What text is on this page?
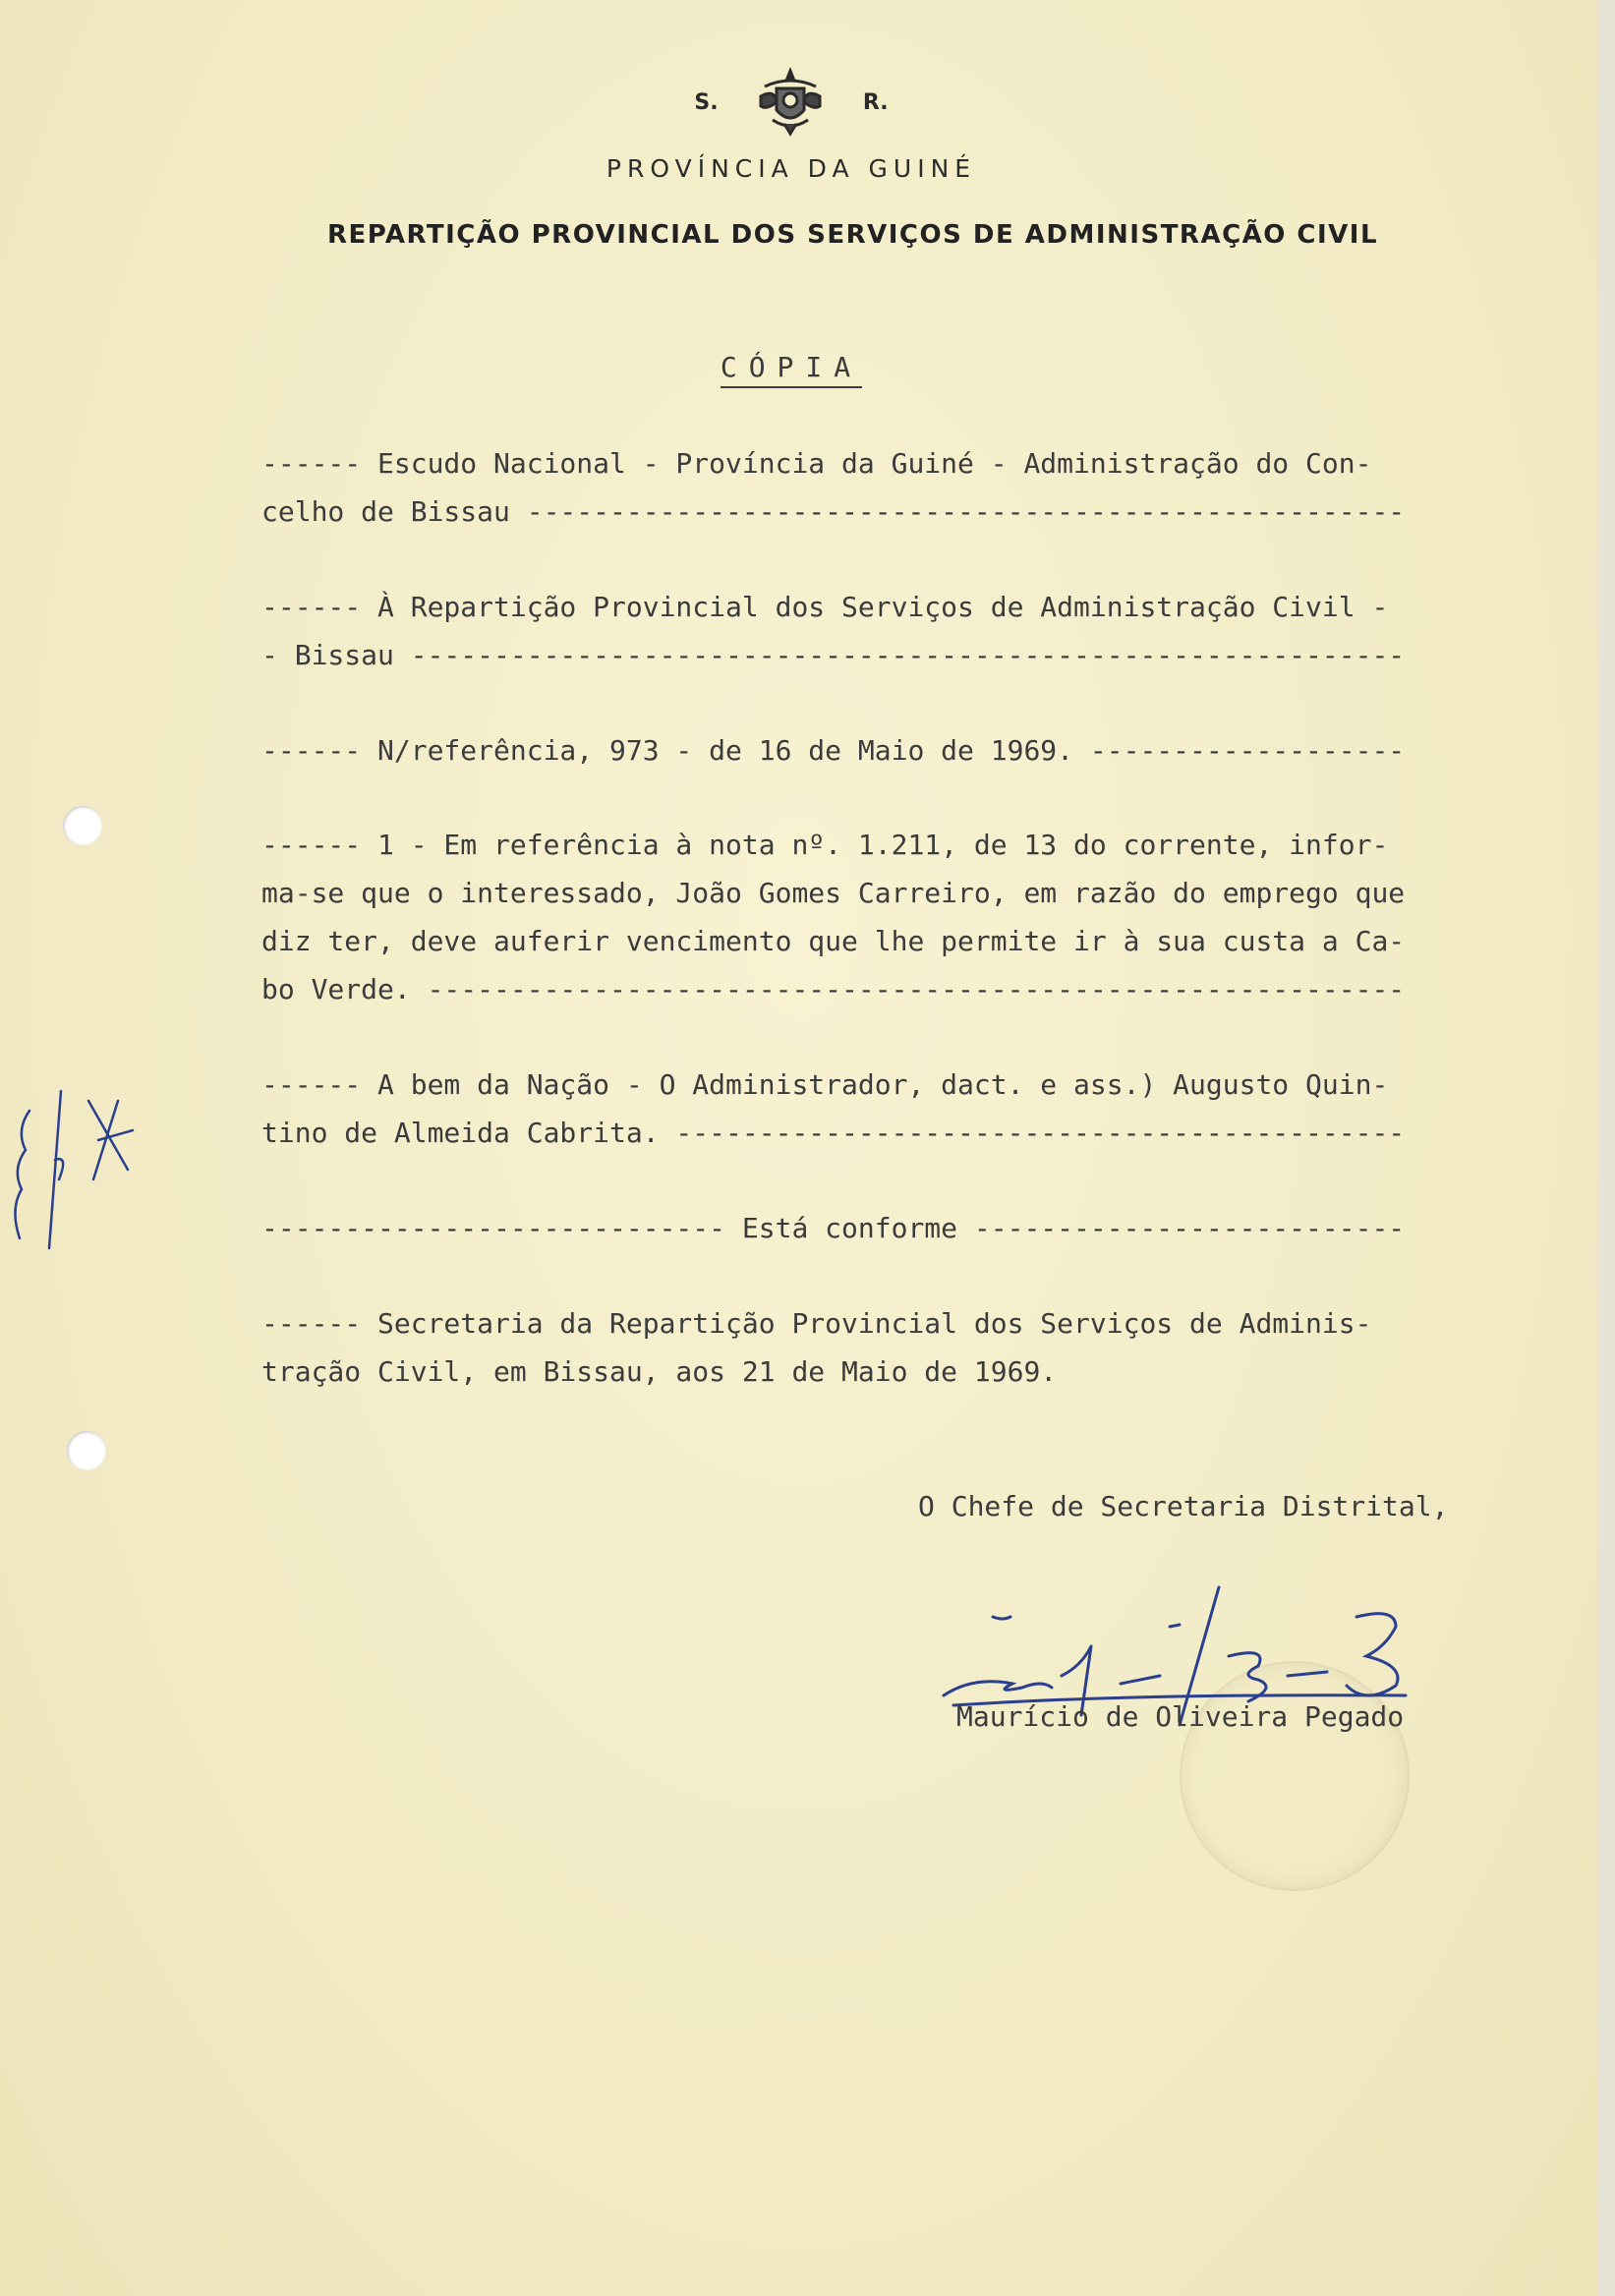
S.	R.
PROVÍNCIA DA GUINÉ
REPARTIÇÃO PROVINCIAL DOS SERVIÇOS DE ADMINISTRAÇÃO CIVIL
CÓPIA
------ Escudo Nacional - Província da Guiné - Administração do Con-
celho de Bissau -----------------------------------------------------
------ À Repartição Provincial dos Serviços de Administração Civil -
- Bissau ------------------------------------------------------------
------ N/referência, 973 - de 16 de Maio de 1969. -------------------
------ 1 - Em referência à nota nº. 1.211, de 13 do corrente, infor-
ma-se que o interessado, João Gomes Carreiro, em razão do emprego que
diz ter, deve auferir vencimento que lhe permite ir à sua custa a Ca-
bo Verde. -----------------------------------------------------------
------ A bem da Nação - O Administrador, dact. e ass.) Augusto Quin-
tino de Almeida Cabrita. --------------------------------------------
---------------------------- Está conforme --------------------------
------ Secretaria da Repartição Provincial dos Serviços de Adminis-
tração Civil, em Bissau, aos 21 de Maio de 1969.
O Chefe de Secretaria Distrital,
Maurício de Oliveira Pegado
